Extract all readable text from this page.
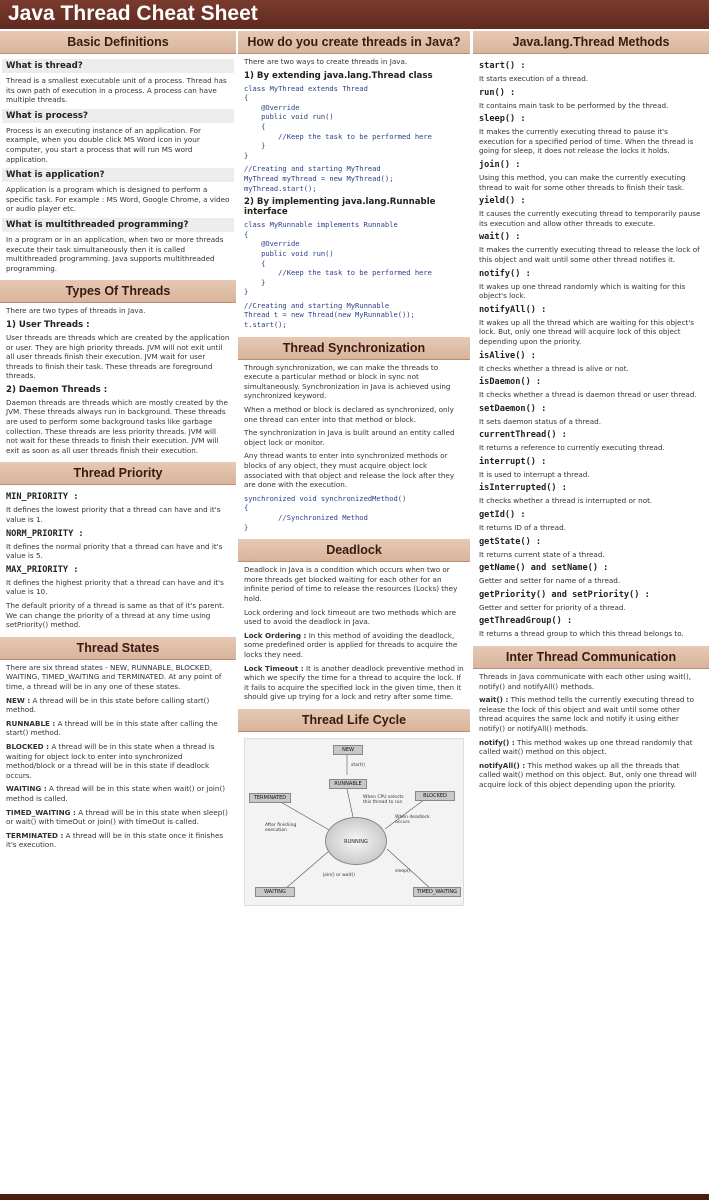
Java Thread Cheat Sheet
Basic Definitions
What is thread?

Thread is a smallest executable unit of a process. Thread has its own path of execution in a process. A process can have multiple threads.

What is process?

Process is an executing instance of an application. For example, when you double click MS Word icon in your computer, you start a process that will run MS word application.

What is application?

Application is a program which is designed to perform a specific task. For example : MS Word, Google Chrome, a video or audio player etc.

What is multithreaded programming?

In a program or in an application, when two or more threads execute their task simultaneously then it is called multithreaded programming. Java supports multithreaded programming.

Types Of Threads

There are two types of threads in Java.

1) User Threads :

User threads are threads which are created by the application or user. They are high priority threads. JVM will not exit until all user threads finish their execution. JVM wait for user threads to finish their task. These threads are foreground threads.

2) Daemon Threads :

Daemon threads are threads which are mostly created by the JVM. These threads always run in background. These threads are used to perform some background tasks like garbage collection. These threads are less priority threads. JVM will not wait for these threads to finish their execution. JVM will exit as soon as all user threads finish their execution.

Thread Priority
MIN_PRIORITY :

It defines the lowest priority that a thread can have and it's value is 1.

NORM_PRIORITY :

It defines the normal priority that a thread can have and it's value is 5.

MAX_PRIORITY :

It defines the highest priority that a thread can have and it's value is 10.

The default priority of a thread is same as that of it's parent. We can change the priority of a thread at any time using setPriority() method.

Thread States

There are six thread states - NEW, RUNNABLE, BLOCKED, WAITING, TIMED_WAITING and TERMINATED. At any point of time, a thread will be in any one of these states.

NEW : A thread will be in this state before calling start() method.

RUNNABLE : A thread will be in this state after calling the start() method.

BLOCKED : A thread will be in this state when a thread is waiting for object lock to enter into synchronized method/block or a thread will be in this state if deadlock occurs.

WAITING : A thread will be in this state when wait() or join() method is called.

TIMED_WAITING : A thread will be in this state when sleep() or wait() with timeOut or join() with timeOut is called.

TERMINATED : A thread will be in this state once it finishes it's execution.

How do you create threads in Java?

There are two ways to create threads in Java.

1) By extending java.lang.Thread class
class MyThread extends Thread
{
@Override
public void run()
{
//Keep the task to be performed here
}
}
//Creating and starting MyThread
MyThread myThread = new MyThread();
myThread.start();
2) By implementing java.lang.Runnable interface
class MyRunnable implements Runnable
{
@Override
public void run()
{
//Keep the task to be performed here
}
}
//Creating and starting MyRunnable
Thread t = new Thread(new MyRunnable());
t.start();
Thread Synchronization

Through synchronization, we can make the threads to execute a particular method or block in sync not simultaneously. Synchronization in Java is achieved using synchronized keyword.

When a method or block is declared as synchronized, only one thread can enter into that method or block.

The synchronization in Java is built around an entity called object lock or monitor.

Any thread wants to enter into synchronized methods or blocks of any object, they must acquire object lock associated with that object and release the lock after they are done with the execution.

synchronized void synchronizedMethod()
{
//Synchronized Method
}
Deadlock

Deadlock in Java is a condition which occurs when two or more threads get blocked waiting for each other for an infinite period of time to release the resources (Locks) they hold.

Lock ordering and lock timeout are two methods which are used to avoid the deadlock in Java.

Lock Ordering : In this method of avoiding the deadlock, some predefined order is applied for threads to acquire the locks they need.

Lock Timeout : It is another deadlock preventive method in which we specify the time for a thread to acquire the lock. If it fails to acquire the specified lock in the given time, then it should give up trying for a lock and retry after some time.

Thread Life Cycle
NEW
start()
RUNNABLE
When CPU selects this thread to run
TERMINATED	BLOCKED
When deadlock occurs
After finishing execution
RUNNING
sleep()
join() or wait()
WAITING	TIMED_WAITING
Java.lang.Thread Methods
start() :

It starts execution of a thread.

run() :

It contains main task to be performed by the thread.

sleep() :

It makes the currently executing thread to pause it's execution for a specified period of time. When the thread is going for sleep, it does not release the locks it holds.

join() :

Using this method, you can make the currently executing thread to wait for some other threads to finish their task.

yield() :

It causes the currently executing thread to temporarily pause its execution and allow other threads to execute.

wait() :

It makes the currently executing thread to release the lock of this object and wait until some other thread notifies it.

notify() :

It wakes up one thread randomly which is waiting for this object's lock.

notifyAll() :

It wakes up all the thread which are waiting for this object's lock. But, only one thread will acquire lock of this object depending upon the priority.

isAlive() :

It checks whether a thread is alive or not.

isDaemon() :

It checks whether a thread is daemon thread or user thread.

setDaemon() :

It sets daemon status of a thread.

currentThread() :

It returns a reference to currently executing thread.

interrupt() :

It is used to interrupt a thread.

isInterrupted() :

It checks whether a thread is interrupted or not.

getId() :

It returns ID of a thread.

getState() :

It returns current state of a thread.

getName() and setName() :

Getter and setter for name of a thread.

getPriority() and setPriority() :

Getter and setter for priority of a thread.

getThreadGroup() :

It returns a thread group to which this thread belongs to.

Inter Thread Communication

Threads in Java communicate with each other using wait(), notify() and notifyAll() methods.

wait() : This method tells the currently executing thread to release the lock of this object and wait until some other thread acquires the same lock and notify it using either notify() or notifyAll() methods.

notify() : This method wakes up one thread randomly that called wait() method on this object.

notifyAll() : This method wakes up all the threads that called wait() method on this object. But, only one thread will acquire lock of this object depending upon the priority.
